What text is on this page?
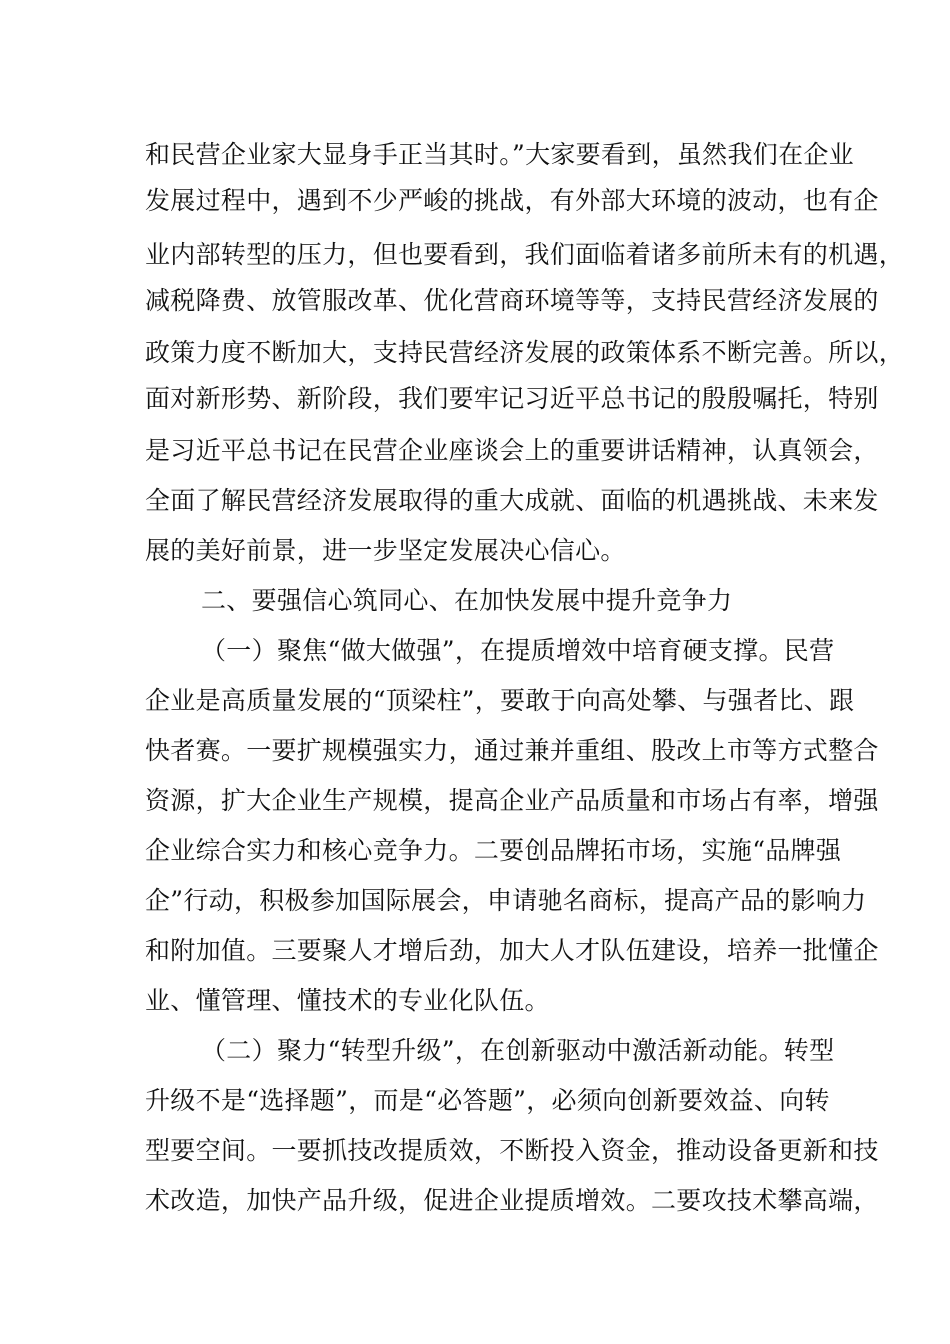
和民营企业家大显身手正当其时。”大家要看到，虽然我们在企业
发展过程中，遇到不少严峻的挑战，有外部大环境的波动，也有企
业内部转型的压力，但也要看到，我们面临着诸多前所未有的机遇，
减税降费、放管服改革、优化营商环境等等，支持民营经济发展的
政策力度不断加大，支持民营经济发展的政策体系不断完善。所以，
面对新形势、新阶段，我们要牢记习近平总书记的殷殷嘱托，特别
是习近平总书记在民营企业座谈会上的重要讲话精神，认真领会，
全面了解民营经济发展取得的重大成就、面临的机遇挑战、未来发
展的美好前景，进一步坚定发展决心信心。
二、要强信心筑同心、在加快发展中提升竞争力
（一）聚焦“做大做强”，在提质增效中培育硬支撑。民营
企业是高质量发展的“顶梁柱”，要敢于向高处攀、与强者比、跟
快者赛。一要扩规模强实力，通过兼并重组、股改上市等方式整合
资源，扩大企业生产规模，提高企业产品质量和市场占有率，增强
企业综合实力和核心竞争力。二要创品牌拓市场，实施“品牌强
企”行动，积极参加国际展会，申请驰名商标，提高产品的影响力
和附加值。三要聚人才增后劲，加大人才队伍建设，培养一批懂企
业、懂管理、懂技术的专业化队伍。
（二）聚力“转型升级”，在创新驱动中激活新动能。转型
升级不是“选择题”，而是“必答题”，必须向创新要效益、向转
型要空间。一要抓技改提质效，不断投入资金，推动设备更新和技
术改造，加快产品升级，促进企业提质增效。二要攻技术攀高端，
